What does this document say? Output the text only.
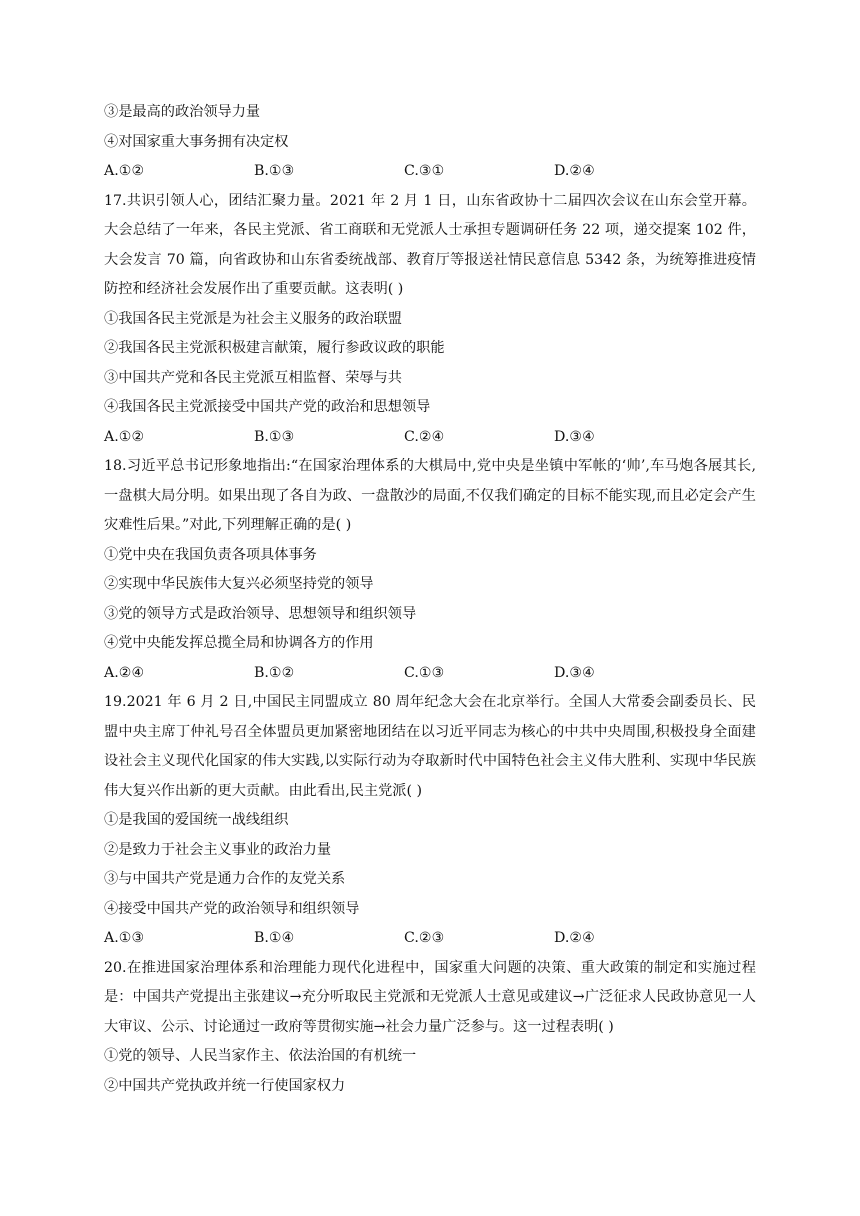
③是最高的政治领导力量
④对国家重大事务拥有决定权
A.①②	B.①③	C.③①	D.②④
17.共识引领人心，团结汇聚力量。2021 年 2 月 1 日，山东省政协十二届四次会议在山东会堂开幕。大会总结了一年来，各民主党派、省工商联和无党派人士承担专题调研任务 22 项，递交提案 102 件，大会发言 70 篇，向省政协和山东省委统战部、教育厅等报送社情民意信息 5342 条，为统筹推进疫情防控和经济社会发展作出了重要贡献。这表明( )
①我国各民主党派是为社会主义服务的政治联盟
②我国各民主党派积极建言献策，履行参政议政的职能
③中国共产党和各民主党派互相监督、荣辱与共
④我国各民主党派接受中国共产党的政治和思想领导
A.①②	B.①③	C.②④	D.③④
18.习近平总书记形象地指出:“在国家治理体系的大棋局中,党中央是坐镇中军帐的‘帅’,车马炮各展其长,一盘棋大局分明。如果出现了各自为政、一盘散沙的局面,不仅我们确定的目标不能实现,而且必定会产生灾难性后果。”对此,下列理解正确的是( )
①党中央在我国负责各项具体事务
②实现中华民族伟大复兴必须坚持党的领导
③党的领导方式是政治领导、思想领导和组织领导
④党中央能发挥总揽全局和协调各方的作用
A.②④	B.①②	C.①③	D.③④
19.2021 年 6 月 2 日,中国民主同盟成立 80 周年纪念大会在北京举行。全国人大常委会副委员长、民盟中央主席丁仲礼号召全体盟员更加紧密地团结在以习近平同志为核心的中共中央周围,积极投身全面建设社会主义现代化国家的伟大实践,以实际行动为夺取新时代中国特色社会主义伟大胜利、实现中华民族伟大复兴作出新的更大贡献。由此看出,民主党派( )
①是我国的爱国统一战线组织
②是致力于社会主义事业的政治力量
③与中国共产党是通力合作的友党关系
④接受中国共产党的政治领导和组织领导
A.①③	B.①④	C.②③	D.②④
20.在推进国家治理体系和治理能力现代化进程中，国家重大问题的决策、重大政策的制定和实施过程是：中国共产党提出主张建议→充分听取民主党派和无党派人士意见或建议→广泛征求人民政协意见一人大审议、公示、讨论通过一政府等贯彻实施→社会力量广泛参与。这一过程表明( )
①党的领导、人民当家作主、依法治国的有机统一
②中国共产党执政并统一行使国家权力
